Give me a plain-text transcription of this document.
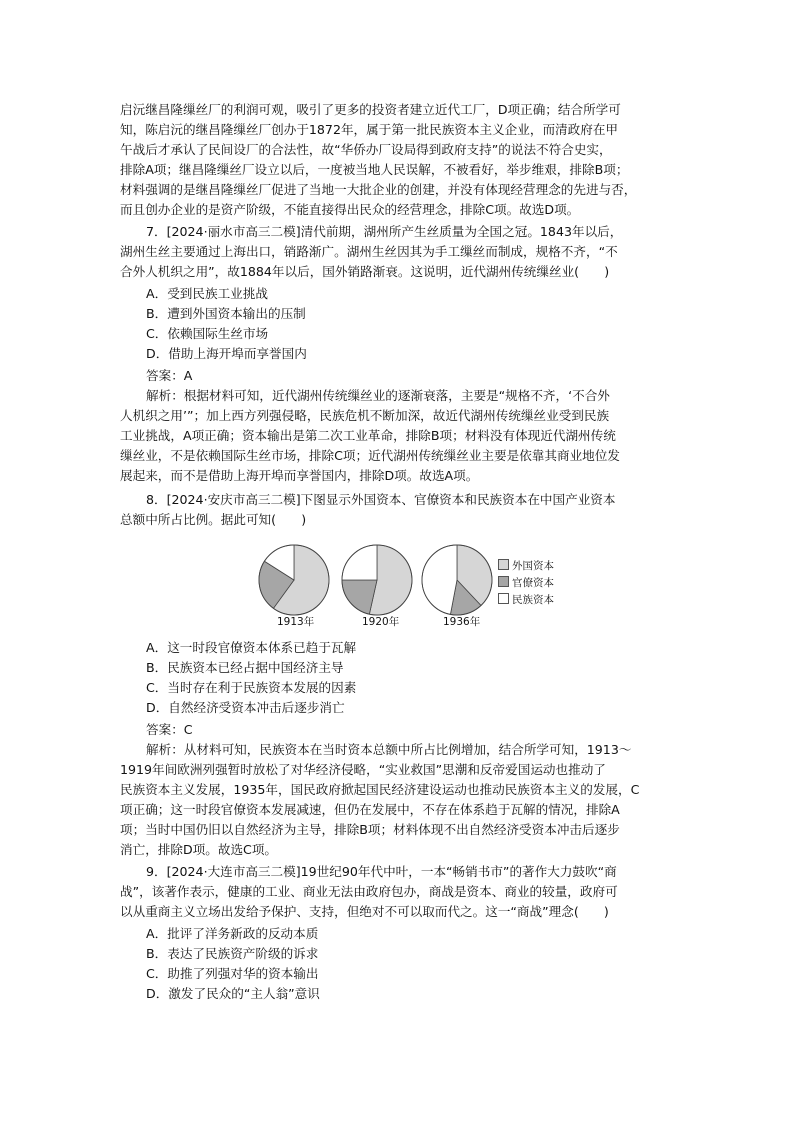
启沅继昌隆缫丝厂的利润可观，吸引了更多的投资者建立近代工厂，D项正确；结合所学可
知，陈启沅的继昌隆缫丝厂创办于1872年，属于第一批民族资本主义企业，而清政府在甲
午战后才承认了民间设厂的合法性，故“华侨办厂设局得到政府支持”的说法不符合史实，
排除A项；继昌隆缫丝厂设立以后，一度被当地人民误解，不被看好，举步维艰，排除B项；
材料强调的是继昌隆缫丝厂促进了当地一大批企业的创建，并没有体现经营理念的先进与否，
而且创办企业的是资产阶级，不能直接得出民众的经营理念，排除C项。故选D项。
7．[2024·丽水市高三二模]清代前期，湖州所产生丝质量为全国之冠。1843年以后，
湖州生丝主要通过上海出口，销路渐广。湖州生丝因其为手工缫丝而制成，规格不齐，“不
合外人机织之用”，故1884年以后，国外销路渐衰。这说明，近代湖州传统缫丝业(　　)
A．受到民族工业挑战
B．遭到外国资本输出的压制
C．依赖国际生丝市场
D．借助上海开埠而享誉国内
答案：A
解析：根据材料可知，近代湖州传统缫丝业的逐渐衰落，主要是“规格不齐，‘不合外
人机织之用’”；加上西方列强侵略，民族危机不断加深，故近代湖州传统缫丝业受到民族
工业挑战，A项正确；资本输出是第二次工业革命，排除B项；材料没有体现近代湖州传统
缫丝业，不是依赖国际生丝市场，排除C项；近代湖州传统缫丝业主要是依靠其商业地位发
展起来，而不是借助上海开埠而享誉国内，排除D项。故选A项。
8．[2024·安庆市高三二模]下图显示外国资本、官僚资本和民族资本在中国产业资本
总额中所占比例。据此可知(　　)
1913年	1920年	1936年
外国资本
官僚资本
民族资本
A．这一时段官僚资本体系已趋于瓦解
B．民族资本已经占据中国经济主导
C．当时存在利于民族资本发展的因素
D．自然经济受资本冲击后逐步消亡
答案：C
解析：从材料可知，民族资本在当时资本总额中所占比例增加，结合所学可知，1913～
1919年间欧洲列强暂时放松了对华经济侵略，“实业救国”思潮和反帝爱国运动也推动了
民族资本主义发展，1935年，国民政府掀起国民经济建设运动也推动民族资本主义的发展，C
项正确；这一时段官僚资本发展减速，但仍在发展中，不存在体系趋于瓦解的情况，排除A
项；当时中国仍旧以自然经济为主导，排除B项；材料体现不出自然经济受资本冲击后逐步
消亡，排除D项。故选C项。
9．[2024·大连市高三二模]19世纪90年代中叶，一本“畅销书市”的著作大力鼓吹“商
战”，该著作表示，健康的工业、商业无法由政府包办，商战是资本、商业的较量，政府可
以从重商主义立场出发给予保护、支持，但绝对不可以取而代之。这一“商战”理念(　　)
A．批评了洋务新政的反动本质
B．表达了民族资产阶级的诉求
C．助推了列强对华的资本输出
D．激发了民众的“主人翁”意识
